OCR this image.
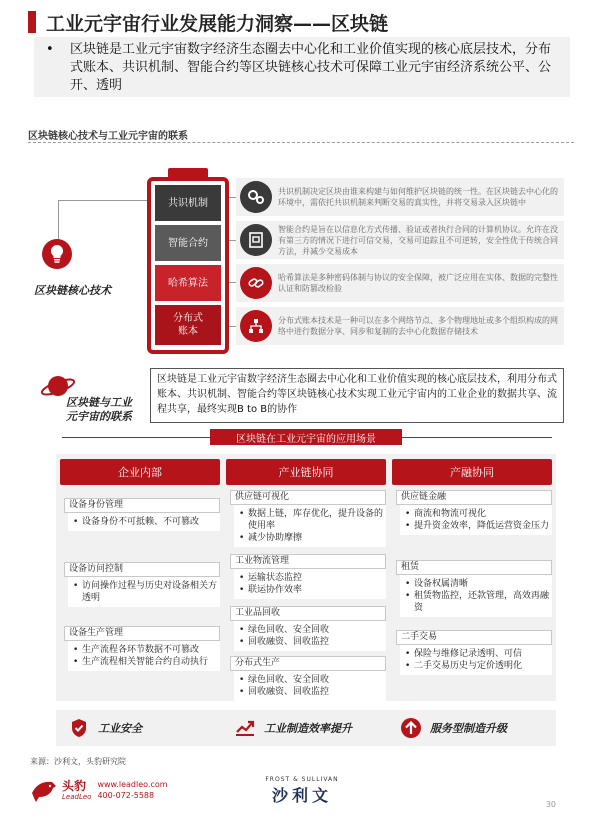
工业元宇宙行业发展能力洞察——区块链
• 区块链是工业元宇宙数字经济生态圈去中心化和工业价值实现的核心底层技术，分布式账本、共识机制、智能合约等区块链核心技术可保障工业元宇宙经济系统公平、公开、透明
区块链核心技术与工业元宇宙的联系
区块链核心技术
共识机制
智能合约
哈希算法
分布式
账本
共识机制决定区块由谁来构建与如何维护区块链的统一性。在区块链去中心化的环境中，需依托共识机制来判断交易的真实性，并将交易录入区块链中
智能合约是旨在以信息化方式传播、验证或者执行合同的计算机协议。允许在没有第三方的情况下进行可信交易，交易可追踪且不可逆转，安全性优于传统合同方法，并减少交易成本
哈希算法是多种密码体制与协议的安全保障，被广泛应用在实体、数据的完整性认证和防篡改检验
分布式账本技术是一种可以在多个网络节点、多个物理地址或多个组织构成的网络中进行数据分享、同步和复制的去中心化数据存储技术
区块链与工业
元宇宙的联系
区块链是工业元宇宙数字经济生态圈去中心化和工业价值实现的核心底层技术，利用分布式账本、共识机制、智能合约等区块链核心技术实现工业元宇宙内的工业企业的数据共享、流程共享，最终实现B to B的协作
区块链在工业元宇宙的应用场景
企业内部
设备身份管理
• 设备身份不可抵赖、不可篡改
设备访问控制
• 访问操作过程与历史对设备相关方透明
设备生产管理
• 生产流程各环节数据不可篡改
• 生产流程相关智能合约自动执行
产业链协同
供应链可视化
• 数据上链，库存优化，提升设备的使用率
• 减少协助摩擦
工业物流管理
• 运输状态监控
• 联运协作效率
工业品回收
• 绿色回收、安全回收
• 回收融资、回收监控
分布式生产
• 绿色回收、安全回收
• 回收融资、回收监控
产融协同
供应链金融
• 商流和物流可视化
• 提升资金效率，降低运营资金压力
租赁
• 设备权属清晰
• 租赁物监控，还款管理，高效再融资
二手交易
• 保险与维修记录透明、可信
• 二手交易历史与定价透明化
工业安全	工业制造效率提升	服务型制造升级
来源：沙利文，头豹研究院
头豹
LeadLeo
www.leadleo.com
400-072-5588
FROST & SULLIVAN
沙利文	30
